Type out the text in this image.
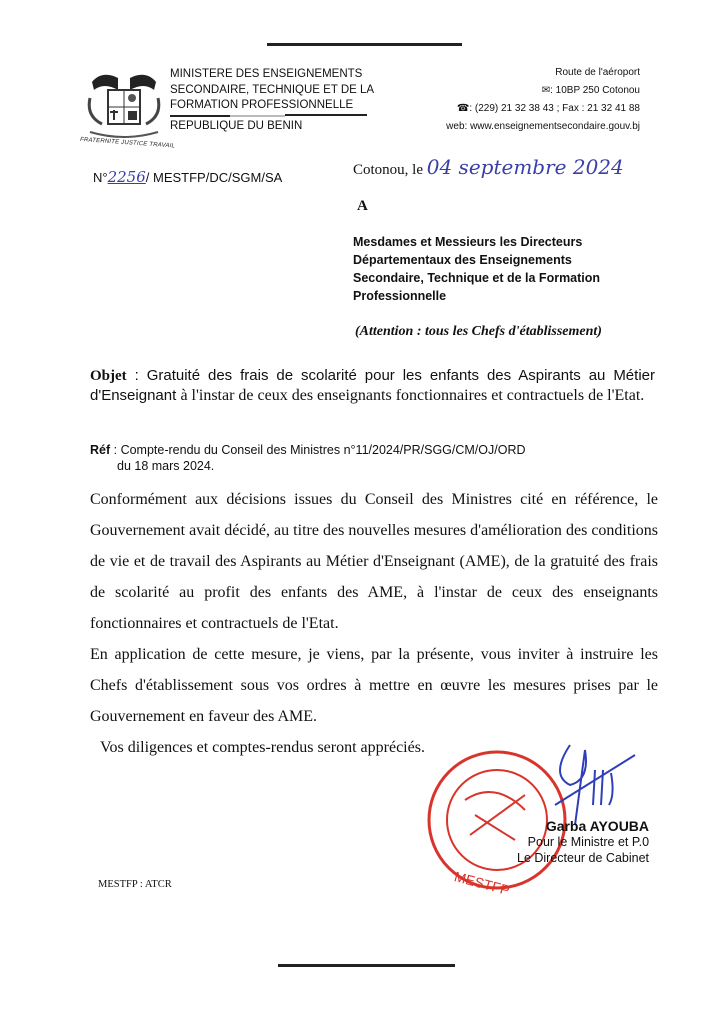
FRATERNITE JUSTICE TRAVAIL
MINISTERE DES ENSEIGNEMENTS
SECONDAIRE, TECHNIQUE ET DE LA
FORMATION PROFESSIONNELLE
REPUBLIQUE DU BENIN
Route de l'aéroport
✉: 10BP 250 Cotonou
☎: (229) 21 32 38 43 ; Fax : 21 32 41 88
web: www.enseignementsecondaire.gouv.bj
N°2256/ MESTFP/DC/SGM/SA	Cotonou, le 04 septembre 2024
A
Mesdames et Messieurs les Directeurs
Départementaux des Enseignements
Secondaire, Technique et de la Formation
Professionnelle
(Attention : tous les Chefs d'établissement)
Objet : Gratuité des frais de scolarité pour les enfants des Aspirants au Métier d'Enseignant à l'instar de ceux des enseignants fonctionnaires et contractuels de l'Etat.
Réf : Compte-rendu du Conseil des Ministres n°11/2024/PR/SGG/CM/OJ/ORD
du 18 mars 2024.

Conformément aux décisions issues du Conseil des Ministres cité en référence, le Gouvernement avait décidé, au titre des nouvelles mesures d'amélioration des conditions de vie et de travail des Aspirants au Métier d'Enseignant (AME), de la gratuité des frais de scolarité au profit des enfants des AME, à l'instar de ceux des enseignants fonctionnaires et contractuels de l'Etat.

En application de cette mesure, je viens, par la présente, vous inviter à instruire les Chefs d'établissement sous vos ordres à mettre en œuvre les mesures prises par le Gouvernement en faveur des AME.

Vos diligences et comptes-rendus seront appréciés.

MESTFP
Garba AYOUBA
Pour le Ministre et P.0
Le Directeur de Cabinet
MESTFP : ATCR
